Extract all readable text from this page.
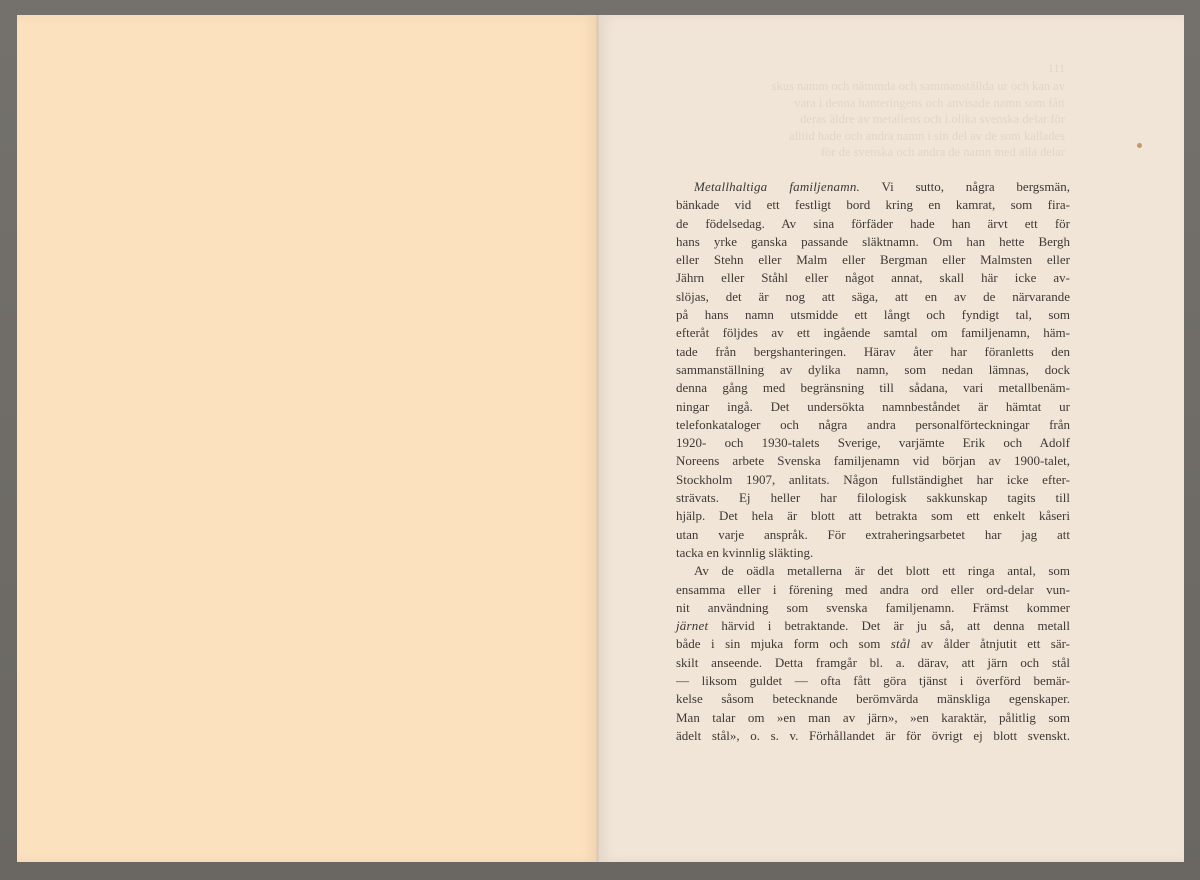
111
skus namm och nämmda och sammanställda ur och kan av
vara i denna hanteringens och anvisade namn som fått
deras äldre av metallens och i olika svenska delar för
alltid hade och andra namn i sin del av de som kallades
för de svenska och andra de namn med alla delar
Metallhaltiga familjenamn. Vi sutto, några bergsmän,
bänkade vid ett festligt bord kring en kamrat, som fira-
de födelsedag. Av sina förfäder hade han ärvt ett för
hans yrke ganska passande släktnamn. Om han hette Bergh
eller Stehn eller Malm eller Bergman eller Malmsten eller
Jährn eller Ståhl eller något annat, skall här icke av-
slöjas, det är nog att säga, att en av de närvarande
på hans namn utsmidde ett långt och fyndigt tal, som
efteråt följdes av ett ingående samtal om familjenamn, häm-
tade från bergshanteringen. Härav åter har föranletts den
sammanställning av dylika namn, som nedan lämnas, dock
denna gång med begränsning till sådana, vari metallbenäm-
ningar ingå. Det undersökta namnbeståndet är hämtat ur
telefonkataloger och några andra personalförteckningar från
1920- och 1930-talets Sverige, varjämte Erik och Adolf
Noreens arbete Svenska familjenamn vid början av 1900-talet,
Stockholm 1907, anlitats. Någon fullständighet har icke efter-
strävats. Ej heller har filologisk sakkunskap tagits till
hjälp. Det hela är blott att betrakta som ett enkelt kåseri
utan varje anspråk. För extraheringsarbetet har jag att
tacka en kvinnlig släkting.
Av de oädla metallerna är det blott ett ringa antal, som
ensamma eller i förening med andra ord eller ord-delar vun-
nit användning som svenska familjenamn. Främst kommer
järnet härvid i betraktande. Det är ju så, att denna metall
både i sin mjuka form och som stål av ålder åtnjutit ett sär-
skilt anseende. Detta framgår bl. a. därav, att järn och stål
— liksom guldet — ofta fått göra tjänst i överförd bemär-
kelse såsom betecknande berömvärda mänskliga egenskaper.
Man talar om »en man av järn», »en karaktär, pålitlig som
ädelt stål», o. s. v. Förhållandet är för övrigt ej blott svenskt.
